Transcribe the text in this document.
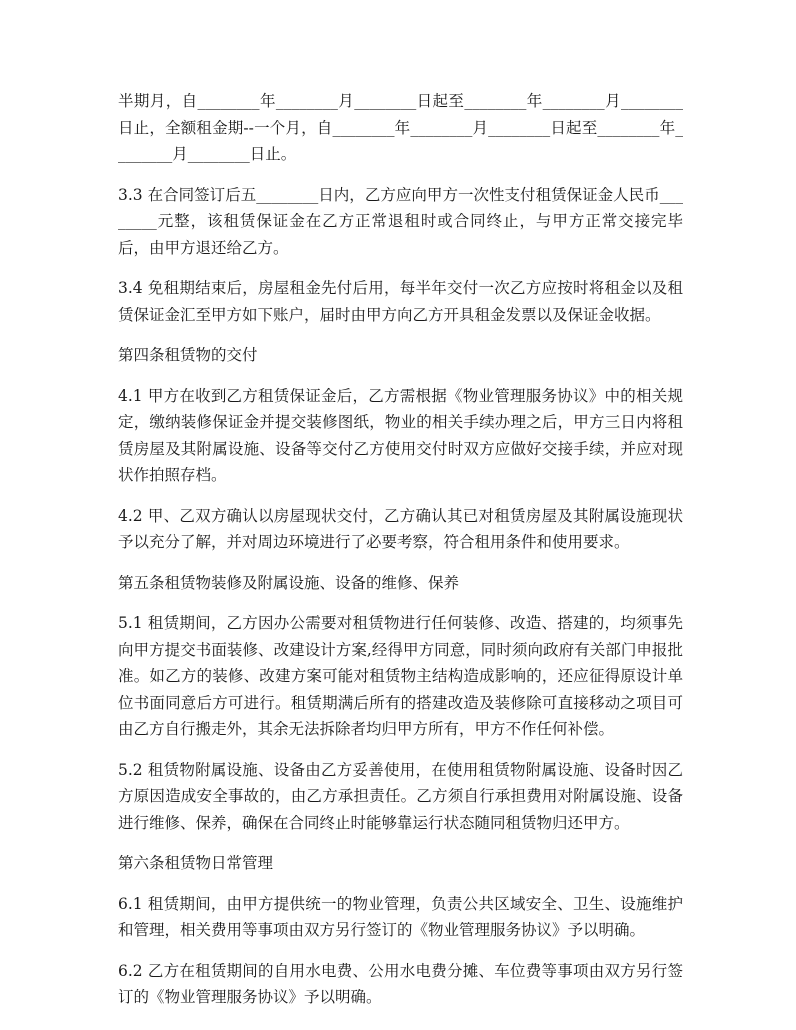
半期月，自________年________月________日起至________年________月________日止，全额租金期--一个月，自________年________月________日起至________年________月________日止。

3.3 在合同签订后五________日内，乙方应向甲方一次性支付租赁保证金人民币________元整，该租赁保证金在乙方正常退租时或合同终止，与甲方正常交接完毕后，由甲方退还给乙方。

3.4 免租期结束后，房屋租金先付后用，每半年交付一次乙方应按时将租金以及租赁保证金汇至甲方如下账户，届时由甲方向乙方开具租金发票以及保证金收据。

第四条租赁物的交付

4.1 甲方在收到乙方租赁保证金后，乙方需根据《物业管理服务协议》中的相关规定，缴纳装修保证金并提交装修图纸，物业的相关手续办理之后，甲方三日内将租赁房屋及其附属设施、设备等交付乙方使用交付时双方应做好交接手续，并应对现状作拍照存档。

4.2 甲、乙双方确认以房屋现状交付，乙方确认其已对租赁房屋及其附属设施现状予以充分了解，并对周边环境进行了必要考察，符合租用条件和使用要求。

第五条租赁物装修及附属设施、设备的维修、保养

5.1 租赁期间，乙方因办公需要对租赁物进行任何装修、改造、搭建的，均须事先向甲方提交书面装修、改建设计方案,经得甲方同意，同时须向政府有关部门申报批准。如乙方的装修、改建方案可能对租赁物主结构造成影响的，还应征得原设计单位书面同意后方可进行。租赁期满后所有的搭建改造及装修除可直接移动之项目可由乙方自行搬走外，其余无法拆除者均归甲方所有，甲方不作任何补偿。

5.2 租赁物附属设施、设备由乙方妥善使用，在使用租赁物附属设施、设备时因乙方原因造成安全事故的，由乙方承担责任。乙方须自行承担费用对附属设施、设备进行维修、保养，确保在合同终止时能够靠运行状态随同租赁物归还甲方。

第六条租赁物日常管理

6.1 租赁期间，由甲方提供统一的物业管理，负责公共区域安全、卫生、设施维护和管理，相关费用等事项由双方另行签订的《物业管理服务协议》予以明确。

6.2 乙方在租赁期间的自用水电费、公用水电费分摊、车位费等事项由双方另行签订的《物业管理服务协议》予以明确。
